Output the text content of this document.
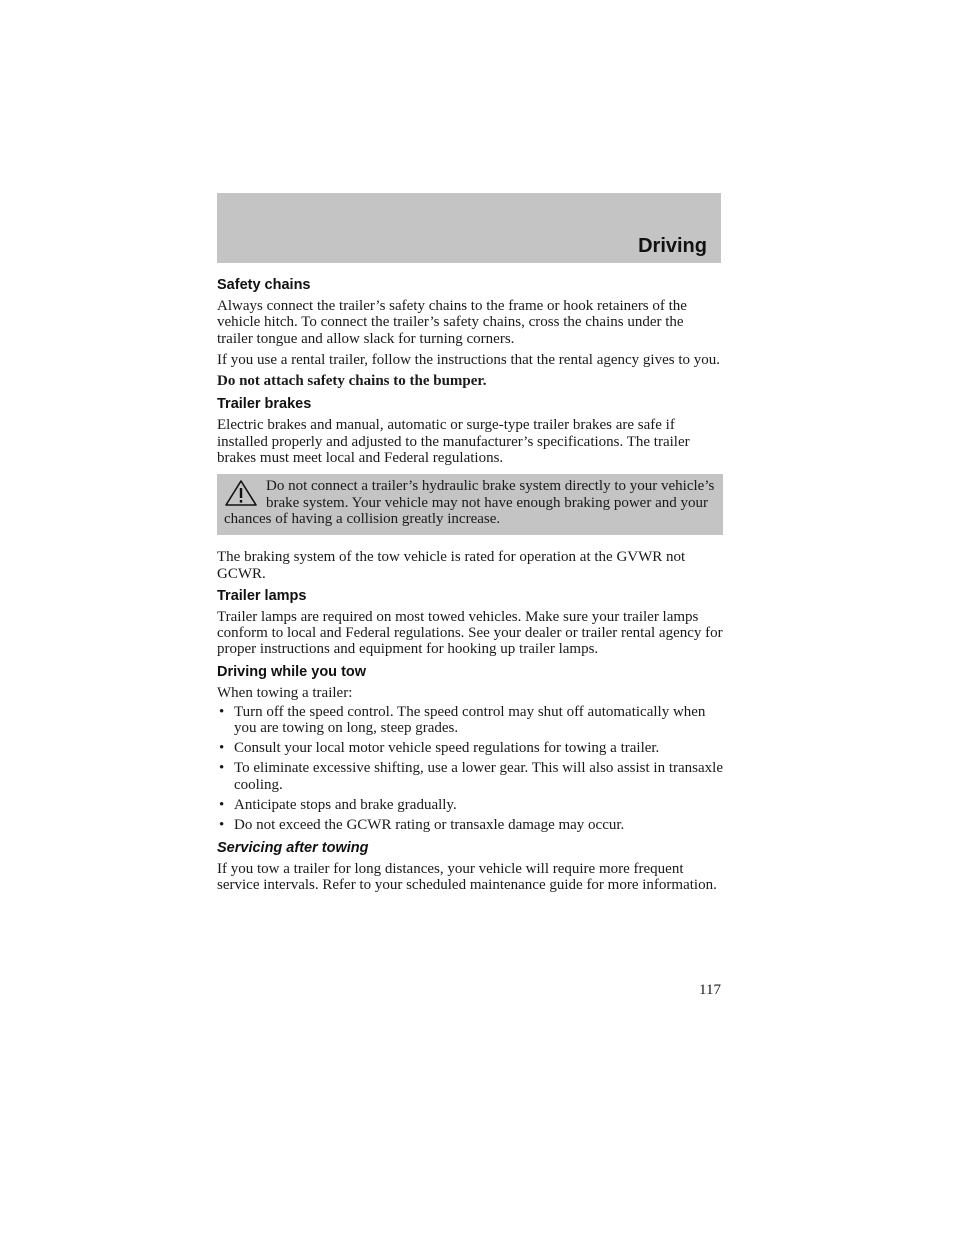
Driving
Safety chains

Always connect the trailer’s safety chains to the frame or hook retainers of the vehicle hitch. To connect the trailer’s safety chains, cross the chains under the trailer tongue and allow slack for turning corners.

If you use a rental trailer, follow the instructions that the rental agency gives to you.

Do not attach safety chains to the bumper.

Trailer brakes

Electric brakes and manual, automatic or surge-type trailer brakes are safe if installed properly and adjusted to the manufacturer’s specifications. The trailer brakes must meet local and Federal regulations.

Do not connect a trailer’s hydraulic brake system directly to your vehicle’s brake system. Your vehicle may not have enough braking power and your chances of having a collision greatly increase.

The braking system of the tow vehicle is rated for operation at the GVWR not GCWR.

Trailer lamps

Trailer lamps are required on most towed vehicles. Make sure your trailer lamps conform to local and Federal regulations. See your dealer or trailer rental agency for proper instructions and equipment for hooking up trailer lamps.

Driving while you tow

When towing a trailer:

• Turn off the speed control. The speed control may shut off automatically when you are towing on long, steep grades.
• Consult your local motor vehicle speed regulations for towing a trailer.
• To eliminate excessive shifting, use a lower gear. This will also assist in transaxle cooling.
• Anticipate stops and brake gradually.
• Do not exceed the GCWR rating or transaxle damage may occur.
Servicing after towing

If you tow a trailer for long distances, your vehicle will require more frequent service intervals. Refer to your scheduled maintenance guide for more information.

117
